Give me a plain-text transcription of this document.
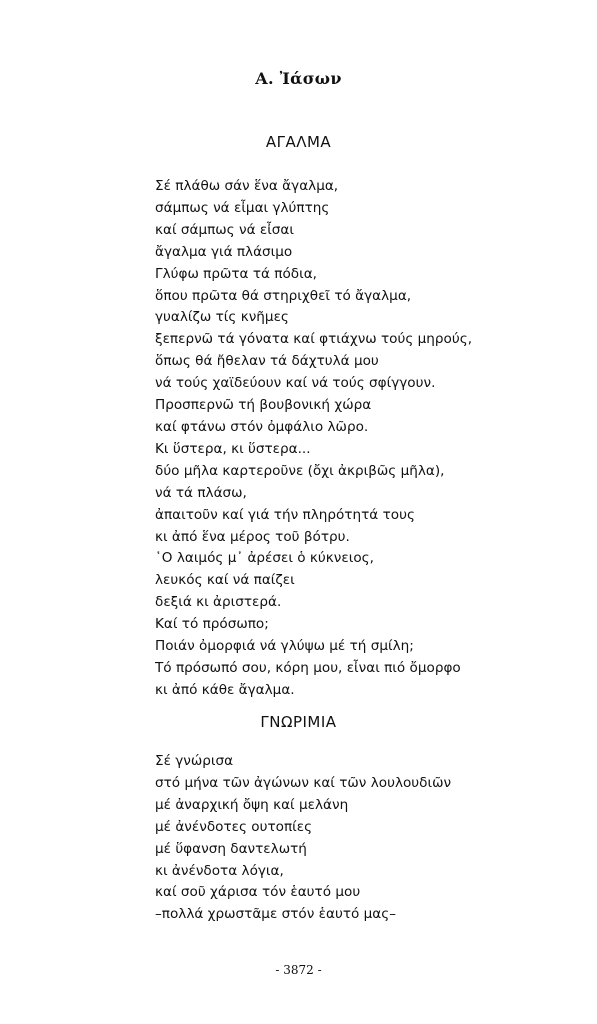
Α. Ἰάσων
ΑΓΑΛΜΑ
Σέ πλάθω σάν ἕνα ἄγαλμα,
σάμπως νά εἶμαι γλύπτης
καί σάμπως νά εἶσαι
ἄγαλμα γιά πλάσιμο
Γλύφω πρῶτα τά πόδια,
ὅπου πρῶτα θά στηριχθεῖ τό ἄγαλμα,
γυαλίζω τίς κνῆμες
ξεπερνῶ τά γόνατα καί φτιάχνω τούς μηρούς,
ὅπως θά ἤθελαν τά δάχτυλά μου
νά τούς χαϊδεύουν καί νά τούς σφίγγουν.
Προσπερνῶ τή βουβονική χώρα
καί φτάνω στόν ὀμφάλιο λῶρο.
Κι ὕστερα, κι ὕστερα...
δύο μῆλα καρτεροῦνε (ὄχι ἀκριβῶς μῆλα),
νά τά πλάσω,
ἀπαιτοῦν καί γιά τήν πληρότητά τους
κι ἀπό ἕνα μέρος τοῦ βότρυ.
῾Ο λαιμός μ᾿ ἀρέσει ὁ κύκνειος,
λευκός καί νά παίζει
δεξιά κι ἀριστερά.
Καί τό πρόσωπο;
Ποιάν ὀμορφιά νά γλύψω μέ τή σμίλη;
Τό πρόσωπό σου, κόρη μου, εἶναι πιό ὄμορφο
κι ἀπό κάθε ἄγαλμα.
ΓΝΩΡΙΜΙΑ
Σέ γνώρισα
στό μήνα τῶν ἀγώνων καί τῶν λουλουδιῶν
μέ ἀναρχική ὄψη καί μελάνη
μέ ἀνένδοτες ουτοπίες
μέ ὕφανση δαντελωτή
κι ἀνένδοτα λόγια,
καί σοῦ χάρισα τόν ἑαυτό μου
–πολλά χρωστᾶμε στόν ἑαυτό μας–
- 3872 -
